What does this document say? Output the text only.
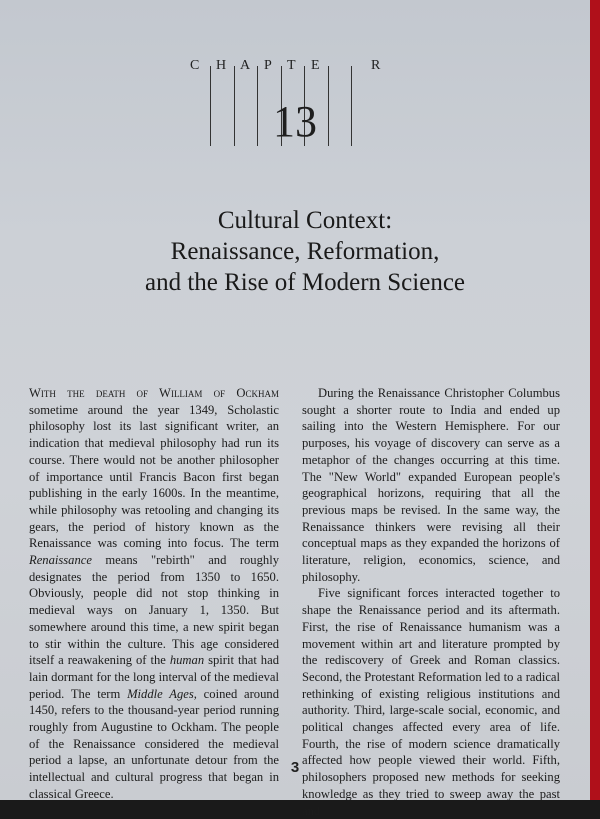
C H A P T E	R
13
Cultural Context:
Renaissance, Reformation,
and the Rise of Modern Science

With the death of William of Ockham sometime around the year 1349, Scholastic philosophy lost its last significant writer, an indication that medieval philosophy had run its course. There would not be another philosopher of importance until Francis Bacon first began publishing in the early 1600s. In the meantime, while philosophy was retooling and changing its gears, the period of history known as the Renaissance was coming into focus. The term Renaissance means "rebirth" and roughly designates the period from 1350 to 1650. Obviously, people did not stop thinking in medieval ways on January 1, 1350. But somewhere around this time, a new spirit began to stir within the culture. This age considered itself a reawakening of the human spirit that had lain dormant for the long interval of the medieval period. The term Middle Ages, coined around 1450, refers to the thousand-year period running roughly from Augustine to Ockham. The people of the Renaissance considered the medieval period a lapse, an unfortunate detour from the intellectual and cultural progress that began in classical Greece.

During the Renaissance Christopher Columbus sought a shorter route to India and ended up sailing into the Western Hemisphere. For our purposes, his voyage of discovery can serve as a metaphor of the changes occurring at this time. The "New World" expanded European people's geographical horizons, requiring that all the previous maps be revised. In the same way, the Renaissance thinkers were revising all their conceptual maps as they expanded the horizons of literature, religion, economics, science, and philosophy.

Five significant forces interacted together to shape the Renaissance period and its aftermath. First, the rise of Renaissance humanism was a movement within art and literature prompted by the rediscovery of Greek and Roman classics. Second, the Protestant Reformation led to a radical rethinking of existing religious institutions and authority. Third, large-scale social, economic, and political changes affected every area of life. Fourth, the rise of modern science dramatically affected how people viewed their world. Fifth, philosophers proposed new methods for seeking knowledge as they tried to sweep away the past and

3
